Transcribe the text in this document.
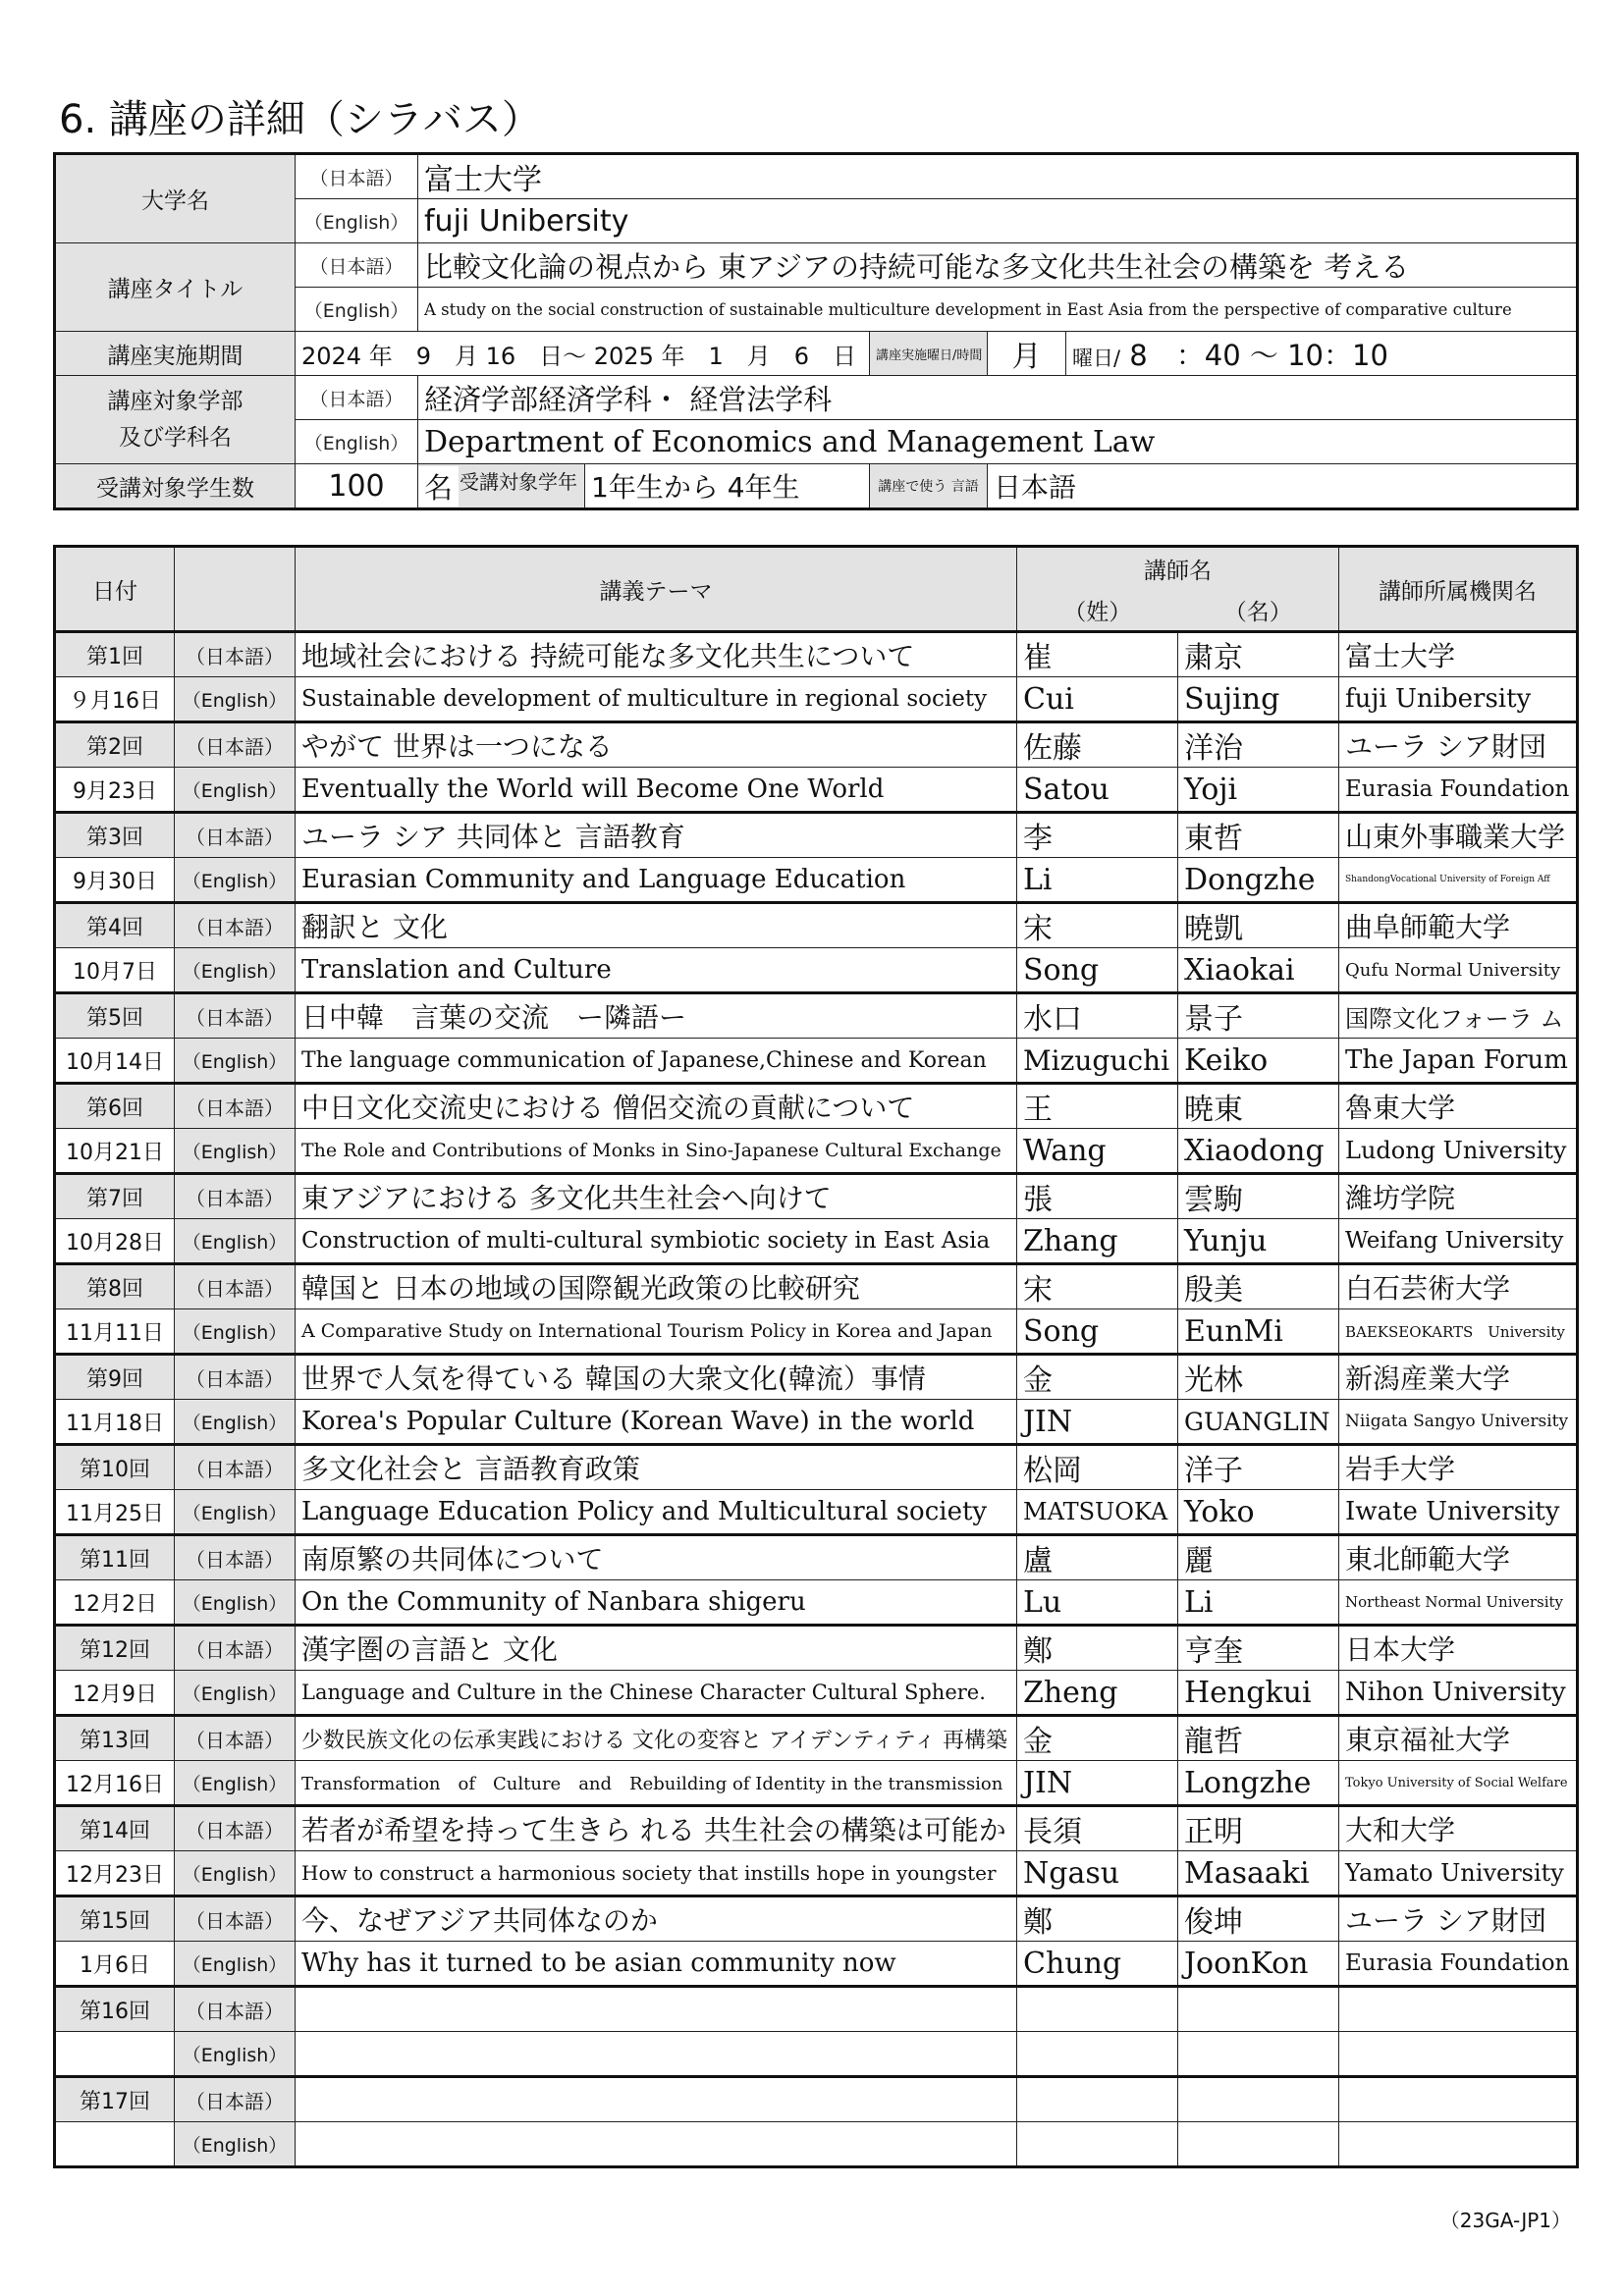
6. 講座の詳細（シラバス）
大学名	（日本語）	富士大学				
	（English）	fuji Unibersity				
講座タイトル	（日本語）	比較文化論の視点から 東アジアの持続可能な多文化共生社会の構築を 考える				
	（English）	A study on the social construction of sustainable multiculture development in East Asia from the perspective of comparative culture				
講座実施期間	2024 年　9　月 16　日～ 2025 年　1　月　6　日			講座実施曜日/時間	月	曜日/ 8　：40 ～ 10：10
講座対象学部
及び学科名	（日本語）	経済学部経済学科・ 経営法学科				
	（English）	Department of Economics and Management Law				
受講対象学生数	100	名 受講対象学年	1年生から 4年生	講座で使う 言語	日本語	
日付		講義テーマ	講師名		講師所属機関名
			（姓）	（名）	
第1回	（日本語）	地域社会における 持続可能な多文化共生について	崔	粛京	富士大学
９月16日	（English）	Sustainable development of multiculture in regional society	Cui	Sujing	fuji Unibersity
第2回	（日本語）	やがて 世界は一つになる	佐藤	洋治	ユーラ シア財団
9月23日	（English）	Eventually the World will Become One World	Satou	Yoji	Eurasia Foundation
第3回	（日本語）	ユーラ シア 共同体と 言語教育	李	東哲	山東外事職業大学
9月30日	（English）	Eurasian Community and Language Education	Li	Dongzhe	ShandongVocational University of Foreign Aff
第4回	（日本語）	翻訳と 文化	宋	暁凱	曲阜師範大学
10月7日	（English）	Translation and Culture	Song	Xiaokai	Qufu Normal University
第5回	（日本語）	日中韓　言葉の交流　ー隣語ー	水口	景子	国際文化フォーラ ム
10月14日	（English）	The language communication of Japanese,Chinese and Korean	Mizuguchi	Keiko	The Japan Forum
第6回	（日本語）	中日文化交流史における 僧侶交流の貢献について	王	暁東	魯東大学
10月21日	（English）	The Role and Contributions of Monks in Sino-Japanese Cultural Exchange	Wang	Xiaodong	Ludong University
第7回	（日本語）	東アジアにおける 多文化共生社会へ向けて	張	雲駒	濰坊学院
10月28日	（English）	Construction of multi-cultural symbiotic society in East Asia	Zhang	Yunju	Weifang University
第8回	（日本語）	韓国と 日本の地域の国際観光政策の比較研究	宋	殷美	白石芸術大学
11月11日	（English）	A Comparative Study on International Tourism Policy in Korea and Japan	Song	EunMi	BAEKSEOKARTS　University
第9回	（日本語）	世界で人気を得ている 韓国の大衆文化(韓流）事情	金	光林	新潟産業大学
11月18日	（English）	Korea's Popular Culture (Korean Wave) in the world	JIN	GUANGLIN	Niigata Sangyo University
第10回	（日本語）	多文化社会と 言語教育政策	松岡	洋子	岩手大学
11月25日	（English）	Language Education Policy and Multicultural society	MATSUOKA	Yoko	Iwate University
第11回	（日本語）	南原繁の共同体について	盧	麗	東北師範大学
12月2日	（English）	On the Community of Nanbara shigeru	Lu	Li	Northeast Normal University
第12回	（日本語）	漢字圏の言語と 文化	鄭	亨奎	日本大学
12月9日	（English）	Language and Culture in the Chinese Character Cultural Sphere.	Zheng	Hengkui	Nihon University
第13回	（日本語）	少数民族文化の伝承実践における 文化の変容と アイデンティティ 再構築	金	龍哲	東京福祉大学
12月16日	（English）	Transformation　of　Culture　and　Rebuilding of Identity in the transmission	JIN	Longzhe	Tokyo University of Social Welfare
第14回	（日本語）	若者が希望を持って生きら れる 共生社会の構築は可能か	長須	正明	大和大学
12月23日	（English）	How to construct a harmonious society that instills hope in youngster	Ngasu	Masaaki	Yamato University
第15回	（日本語）	今、なぜアジア共同体なのか	鄭	俊坤	ユーラ シア財団
1月6日	（English）	Why has it turned to be asian community now	Chung	JoonKon	Eurasia Foundation
第16回	（日本語）				
	（English）				
第17回	（日本語）				
	（English）				
（23GA-JP1）
